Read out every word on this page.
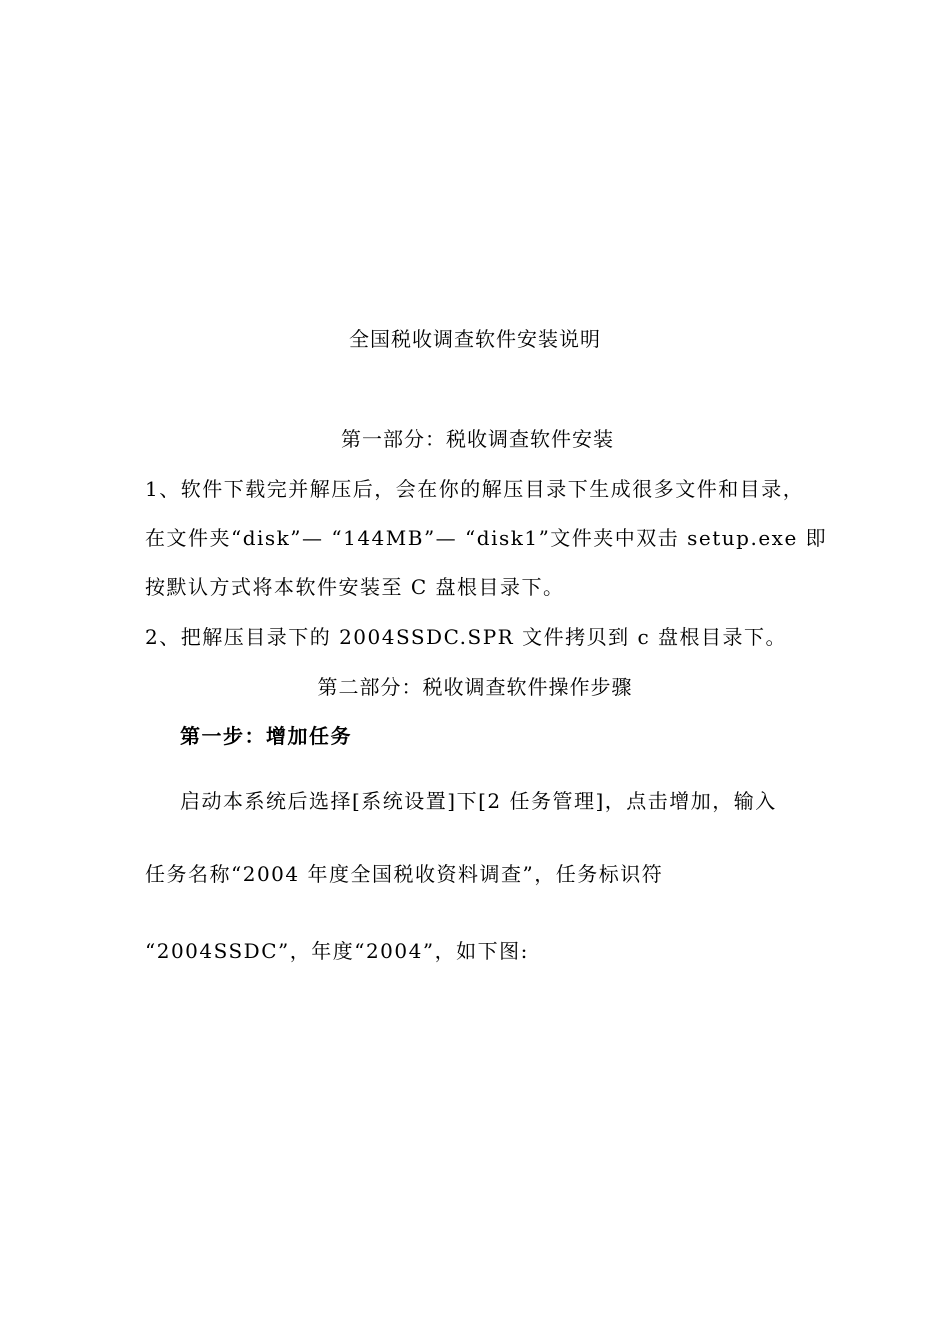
全国税收调查软件安装说明
第一部分：税收调查软件安装
1、软件下载完并解压后，会在你的解压目录下生成很多文件和目录，
在文件夹“disk”— “144MB”— “disk1”文件夹中双击 setup.exe 即
按默认方式将本软件安装至 C 盘根目录下。
2、把解压目录下的 2004SSDC.SPR 文件拷贝到 c 盘根目录下。
第二部分：税收调查软件操作步骤
第一步：增加任务
启动本系统后选择[系统设置]下[2 任务管理]，点击增加，输入
任务名称“2004 年度全国税收资料调查”，任务标识符
“2004SSDC”，年度“2004”，如下图:
